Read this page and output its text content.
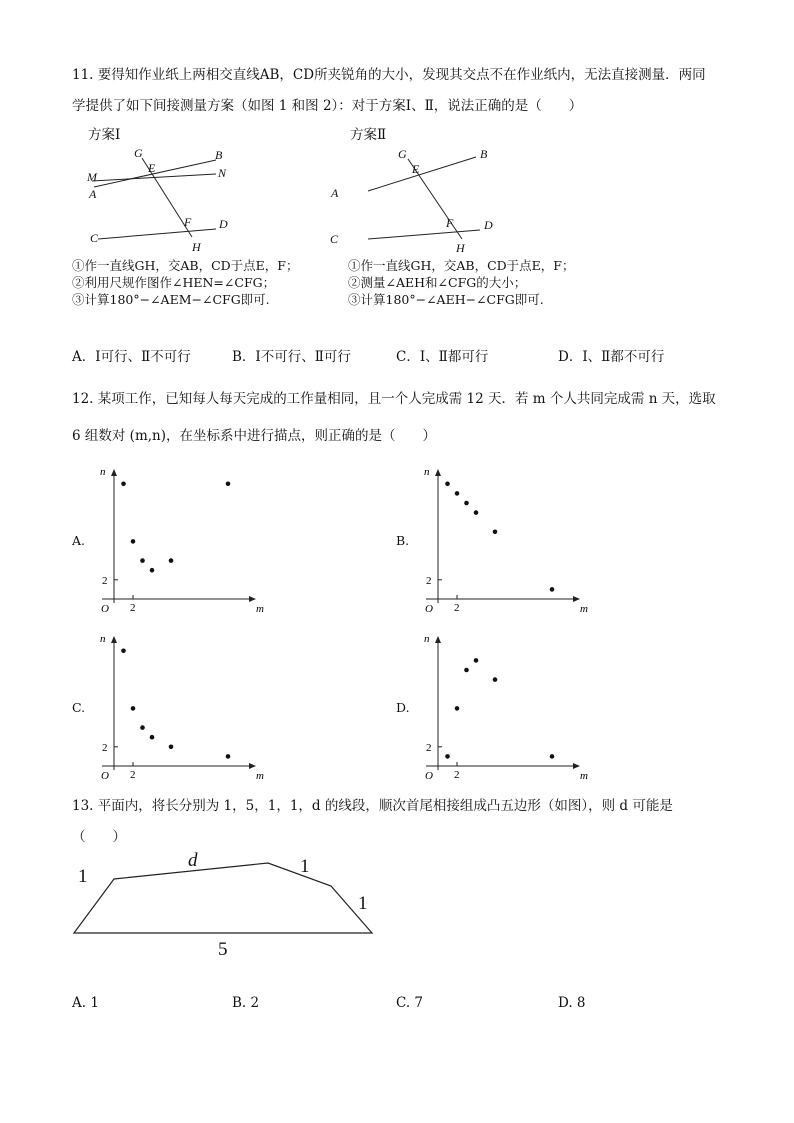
11. 要得知作业纸上两相交直线AB，CD所夹锐角的大小，发现其交点不在作业纸内，无法直接测量．两同
学提供了如下间接测量方案（如图 1 和图 2）：对于方案Ⅰ、Ⅱ，说法正确的是（　　）
方案Ⅰ	方案Ⅱ
G	B
M
E	N
A
F D
C
H
G	B
E
A
F	D
C
H
①作一直线GH，交AB，CD于点E，F；
②利用尺规作图作∠HEN=∠CFG；
③计算180°−∠AEM−∠CFG即可.
①作一直线GH，交AB，CD于点E，F；
②测量∠AEH和∠CFG的大小；
③计算180°−∠AEH−∠CFG即可.
A．Ⅰ可行、Ⅱ不可行	B．Ⅰ不可行、Ⅱ可行	C．Ⅰ、Ⅱ都可行	D．Ⅰ、Ⅱ都不可行
12. 某项工作，已知每人每天完成的工作量相同，且一个人完成需 12 天．若 m 个人共同完成需 n 天，选取
6 组数对 (m,n)，在坐标系中进行描点，则正确的是（　　）
A.	B.
C.	D.
n
m
O 2
2
n
m
O 2
2
n
m
O 2
2
n
m
O 2
2
13. 平面内，将长分别为 1，5，1，1，d 的线段，顺次首尾相接组成凸五边形（如图），则 d 可能是
（　　）
d	1
1
1
5
A. 1	B. 2	C. 7	D. 8
